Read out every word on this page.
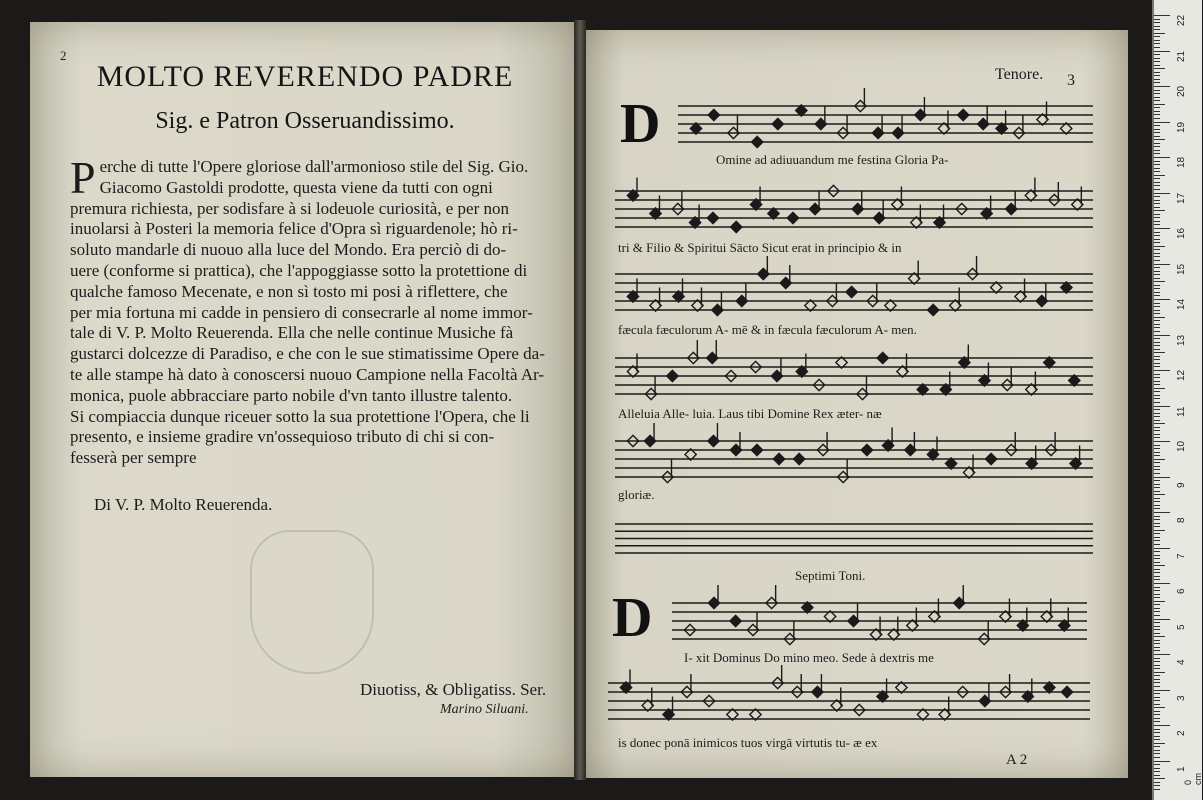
2
MOLTO REVERENDO PADRE
Sig. e Patron Osseruandissimo.
P erche di tutte l'Opere gloriose dall'armonioso stile del Sig. Gio.
Giacomo Gastoldi prodotte, questa viene da tutti con ogni
premura richiesta, per sodisfare à si lodeuole curiosità, e per non
inuolarsi à Posteri la memoria felice d'Opra sì riguardenole; hò ri-
soluto mandarle di nuouo alla luce del Mondo. Era perciò di do-
uere (conforme si prattica), che l'appoggiasse sotto la protettione di
qualche famoso Mecenate, e non sì tosto mi posi à riflettere, che
per mia fortuna mi cadde in pensiero di consecrarle al nome immor-
tale di V. P. Molto Reuerenda. Ella che nelle continue Musiche fà
gustarci dolcezze di Paradiso, e che con le sue stimatissime Opere da-
te alle stampe hà dato à conoscersi nuouo Campione nella Facoltà Ar-
monica, puole abbracciare parto nobile d'vn tanto illustre talento.
Si compiaccia dunque riceuer sotto la sua protettione l'Opera, che li
presento, e insieme gradire vn'ossequioso tributo di chi si con-
fesserà per sempre
Di V. P. Molto Reuerenda.
Diuotiss, & Obligatiss. Ser.
Marino Siluani.
Tenore. 3
D
Omine ad adiuuandum me festina Gloria Pa-
tri & Filio & Spiritui Sācto Sicut erat in principio & in
fæcula fæculorum A- mē & in fæcula fæculorum A- men.
Alleluia Alle- luia. Laus tibi Domine Rex æter- næ
gloriæ.
Septimi Toni.
D
I- xit Dominus Do mino meo. Sede à dextris me
is donec ponā inimicos tuos virgā virtutis tu- æ ex
A 2
0 cm
22
21
20
19
18
17
16
15
14
13
12
11
10
9
8
7
6
5
4
3
2
1
